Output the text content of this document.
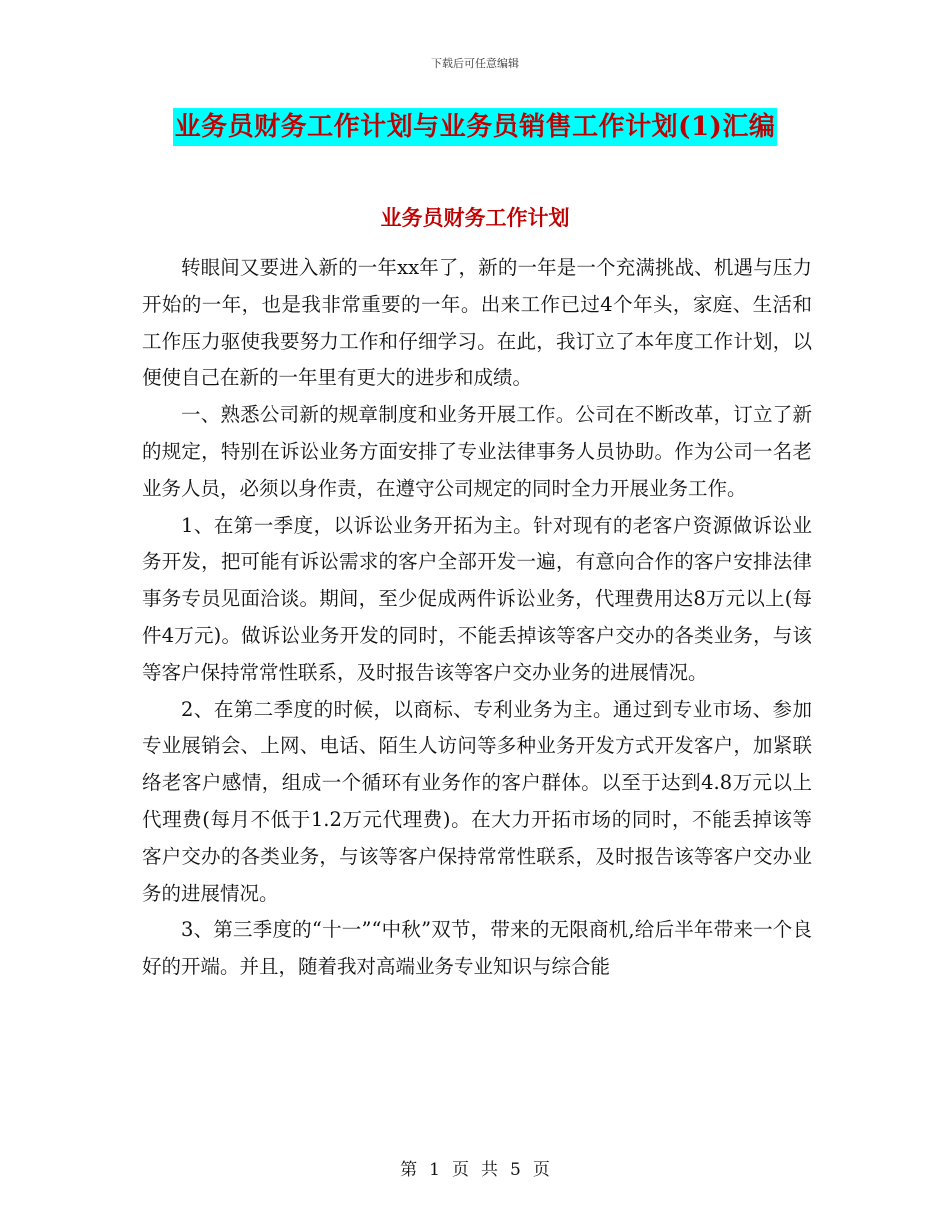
下载后可任意编辑
业务员财务工作计划与业务员销售工作计划(1)汇编
业务员财务工作计划

转眼间又要进入新的一年xx年了，新的一年是一个充满挑战、机遇与压力开始的一年，也是我非常重要的一年。出来工作已过4个年头，家庭、生活和工作压力驱使我要努力工作和仔细学习。在此，我订立了本年度工作计划，以便使自己在新的一年里有更大的进步和成绩。

一、熟悉公司新的规章制度和业务开展工作。公司在不断改革，订立了新的规定，特别在诉讼业务方面安排了专业法律事务人员协助。作为公司一名老业务人员，必须以身作责，在遵守公司规定的同时全力开展业务工作。

1、在第一季度，以诉讼业务开拓为主。针对现有的老客户资源做诉讼业务开发，把可能有诉讼需求的客户全部开发一遍，有意向合作的客户安排法律事务专员见面洽谈。期间，至少促成两件诉讼业务，代理费用达8万元以上(每件4万元)。做诉讼业务开发的同时，不能丢掉该等客户交办的各类业务，与该等客户保持常常性联系，及时报告该等客户交办业务的进展情况。

2、在第二季度的时候，以商标、专利业务为主。通过到专业市场、参加专业展销会、上网、电话、陌生人访问等多种业务开发方式开发客户，加紧联络老客户感情，组成一个循环有业务作的客户群体。以至于达到4.8万元以上代理费(每月不低于1.2万元代理费)。在大力开拓市场的同时，不能丢掉该等客户交办的各类业务，与该等客户保持常常性联系，及时报告该等客户交办业务的进展情况。

3、第三季度的“十一”“中秋”双节，带来的无限商机,给后半年带来一个良好的开端。并且，随着我对高端业务专业知识与综合能

第 1 页 共 5 页
